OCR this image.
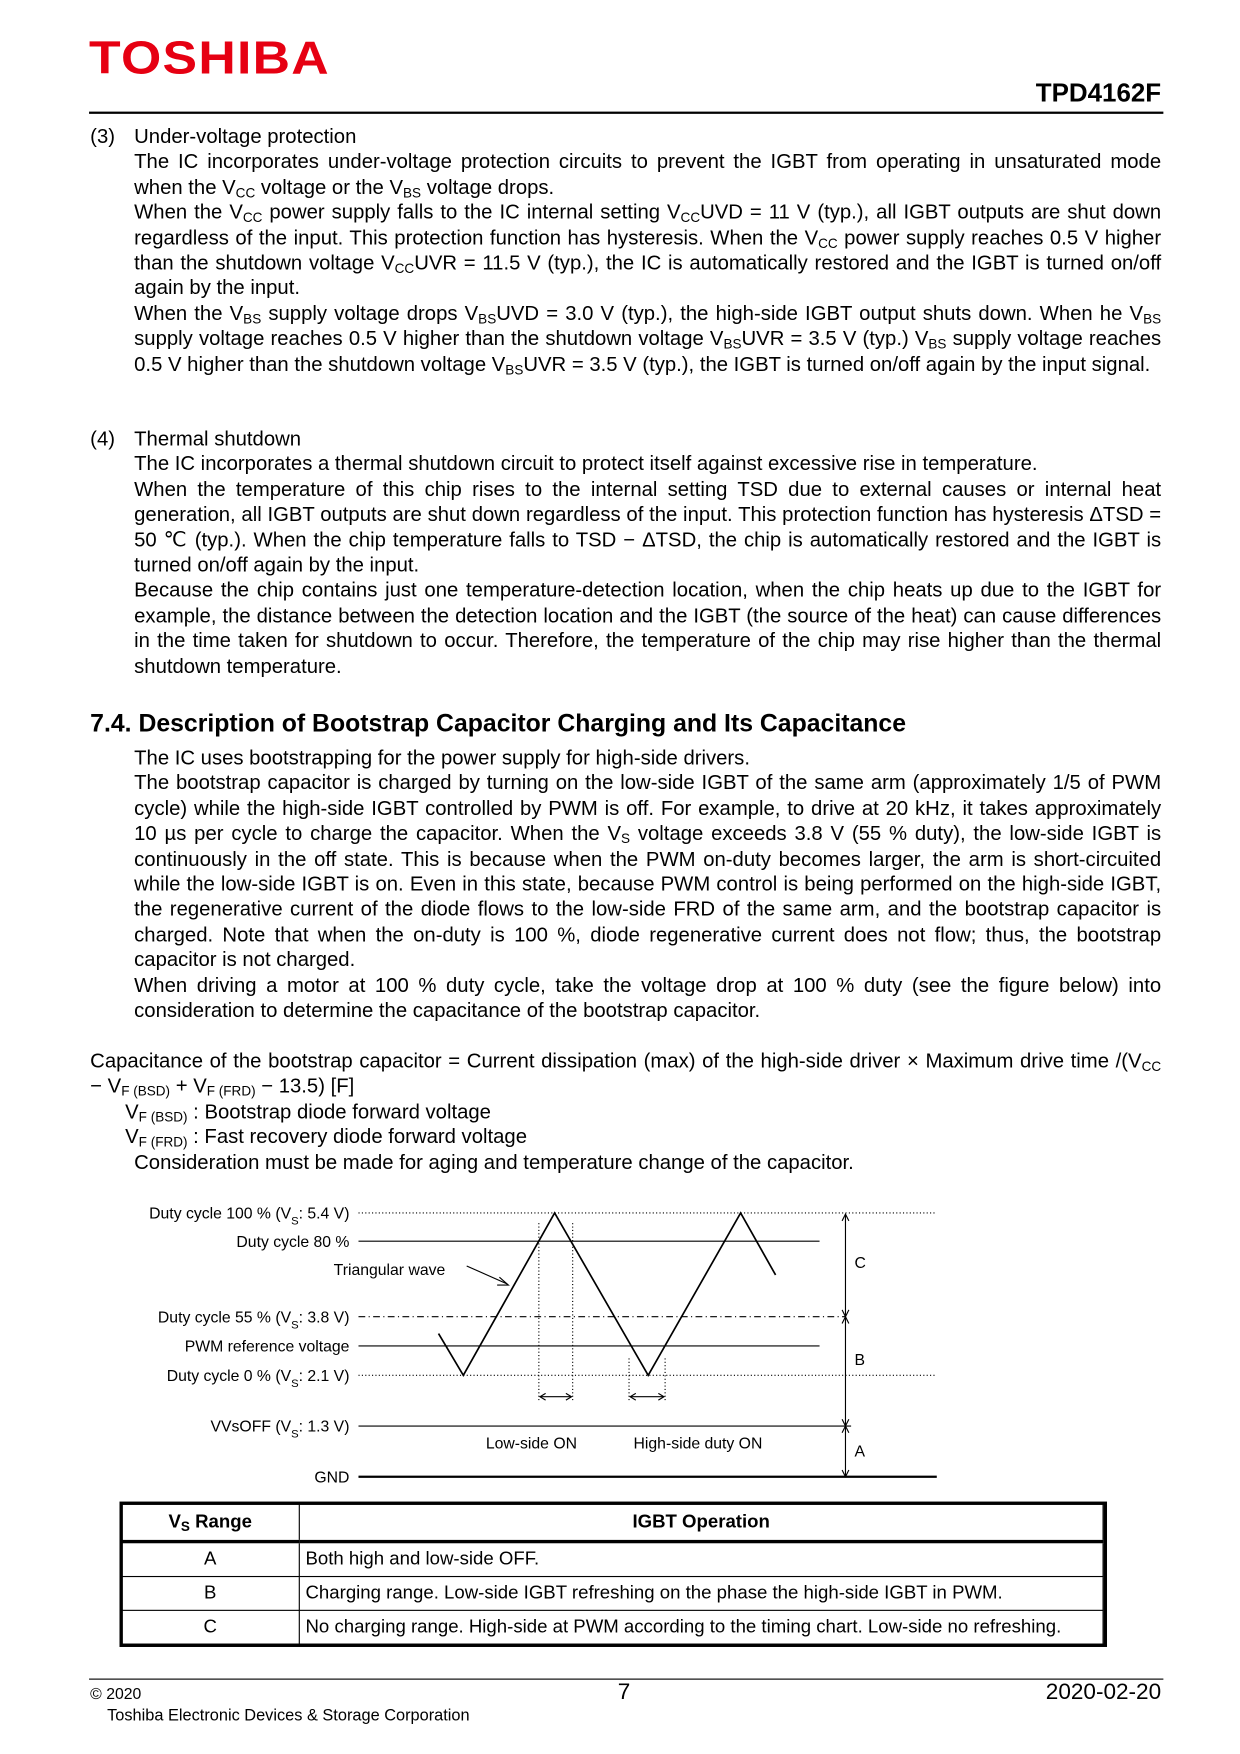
TOSHIBA
TPD4162F
(3) Under-voltage protection

The IC incorporates under-voltage protection circuits to prevent the IGBT from operating in unsaturated mode when the $V_{CC}$ voltage or the $V_{BS}$ voltage drops.

When the $V_{CC}$ power supply falls to the IC internal setting $V_{CC}UVD = 11$ V (typ.), all IGBT outputs are shut down regardless of the input. This protection function has hysteresis. When the $V_{CC}$ power supply reaches 0.5 V higher than the shutdown voltage $V_{CC}UVR = 11.5$ V (typ.), the IC is automatically restored and the IGBT is turned on/off again by the input.

When the $V_{BS}$ supply voltage drops $V_{BS}UVD = 3.0$ V (typ.), the high-side IGBT output shuts down. When he $V_{BS}$ supply voltage reaches 0.5 V higher than the shutdown voltage $V_{BS}UVR = 3.5$ V (typ.) $V_{BS}$ supply voltage reaches 0.5 V higher than the shutdown voltage $V_{BS}UVR = 3.5$ V (typ.), the IGBT is turned on/off again by the input signal.

(4) Thermal shutdown

The IC incorporates a thermal shutdown circuit to protect itself against excessive rise in temperature.

When the temperature of this chip rises to the internal setting TSD due to external causes or internal heat generation, all IGBT outputs are shut down regardless of the input. This protection function has hysteresis ΔTSD = 50 ℃ (typ.). When the chip temperature falls to TSD − ΔTSD, the chip is automatically restored and the IGBT is turned on/off again by the input.

Because the chip contains just one temperature-detection location, when the chip heats up due to the IGBT for example, the distance between the detection location and the IGBT (the source of the heat) can cause differences in the time taken for shutdown to occur. Therefore, the temperature of the chip may rise higher than the thermal shutdown temperature.

7.4. Description of Bootstrap Capacitor Charging and Its Capacitance

The IC uses bootstrapping for the power supply for high-side drivers.

The bootstrap capacitor is charged by turning on the low-side IGBT of the same arm (approximately 1/5 of PWM cycle) while the high-side IGBT controlled by PWM is off. For example, to drive at 20 kHz, it takes approximately 10 µs per cycle to charge the capacitor. When the $V_S$ voltage exceeds 3.8 V (55 % duty), the low-side IGBT is continuously in the off state. This is because when the PWM on-duty becomes larger, the arm is short-circuited while the low-side IGBT is on. Even in this state, because PWM control is being performed on the high-side IGBT, the regenerative current of the diode flows to the low-side FRD of the same arm, and the bootstrap capacitor is charged. Note that when the on-duty is 100 %, diode regenerative current does not flow; thus, the bootstrap capacitor is not charged.

When driving a motor at 100 % duty cycle, take the voltage drop at 100 % duty (see the figure below) into consideration to determine the capacitance of the bootstrap capacitor.

Capacitance of the bootstrap capacitor = Current dissipation (max) of the high-side driver × Maximum drive time $/(V_{CC} - V_{F (BSD)} + V_{F (FRD)} - 13.5)$ [F]

$V_{F (BSD)}$ : Bootstrap diode forward voltage

$V_{F (FRD)}$ : Fast recovery diode forward voltage

Consideration must be made for aging and temperature change of the capacitor.

Duty cycle 100 % ($V_S$: 5.4 V)
Duty cycle 80 %
Triangular wave
Duty cycle 55 % ($V_S$: 3.8 V)
PWM reference voltage
Duty cycle 0 % ($V_S$: 2.1 V)
VVsOFF ($V_S$: 1.3 V)
GND
Low-side ON	High-side duty ON
C
B
A
$V_S$ Range	IGBT Operation
A	Both high and low-side OFF.
B	Charging range. Low-side IGBT refreshing on the phase the high-side IGBT in PWM.
C	No charging range. High-side at PWM according to the timing chart. Low-side no refreshing.
© 2020
Toshiba Electronic Devices & Storage Corporation
7	2020-02-20
